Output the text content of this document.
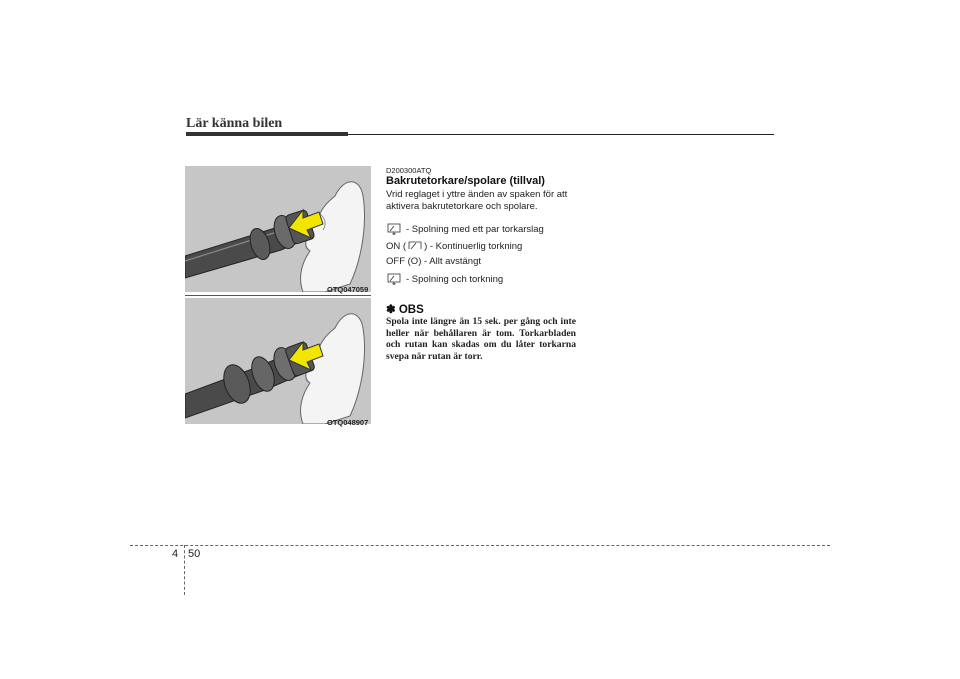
Lär känna bilen
OTQ047059
OTQ048907
D200300ATQ
Bakrutetorkare/spolare (tillval)
Vrid reglaget i yttre änden av spaken för att aktivera bakrutetorkare och spolare.
- Spolning med ett par torkarslag
ON ( ) - Kontinuerlig torkning
OFF (O) - Allt avstängt
- Spolning och torkning
✽ OBS
Spola inte längre än 15 sek. per gång och inte heller när behållaren är tom. Torkarbladen och rutan kan skadas om du låter torkarna svepa när rutan är torr.
4 50
